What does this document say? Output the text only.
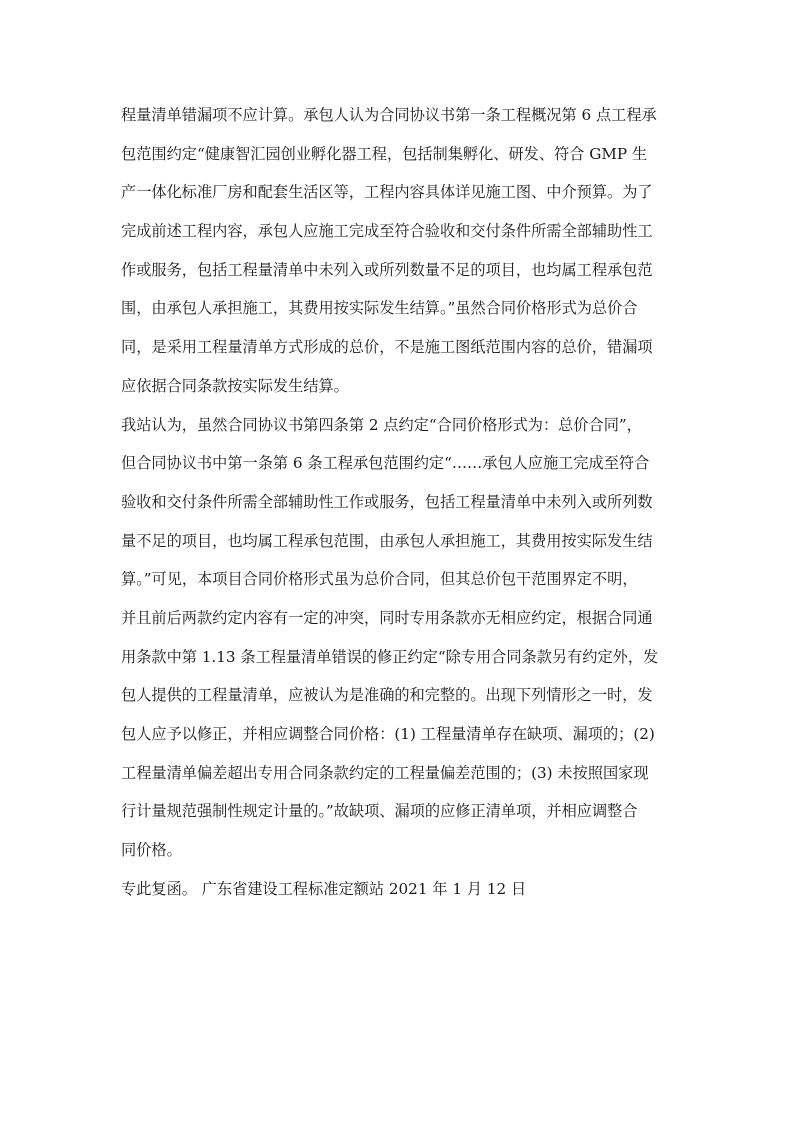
程量清单错漏项不应计算。承包人认为合同协议书第一条工程概况第 6 点工程承
包范围约定“健康智汇园创业孵化器工程，包括制集孵化、研发、符合 GMP 生
产一体化标准厂房和配套生活区等，工程内容具体详见施工图、中介预算。为了
完成前述工程内容，承包人应施工完成至符合验收和交付条件所需全部辅助性工
作或服务，包括工程量清单中未列入或所列数量不足的项目，也均属工程承包范
围，由承包人承担施工，其费用按实际发生结算。”虽然合同价格形式为总价合
同，是采用工程量清单方式形成的总价，不是施工图纸范围内容的总价，错漏项
应依据合同条款按实际发生结算。
我站认为，虽然合同协议书第四条第 2 点约定“合同价格形式为：总价合同”，
但合同协议书中第一条第 6 条工程承包范围约定“……承包人应施工完成至符合
验收和交付条件所需全部辅助性工作或服务，包括工程量清单中未列入或所列数
量不足的项目，也均属工程承包范围，由承包人承担施工，其费用按实际发生结
算。”可见，本项目合同价格形式虽为总价合同，但其总价包干范围界定不明，
并且前后两款约定内容有一定的冲突，同时专用条款亦无相应约定，根据合同通
用条款中第 1.13 条工程量清单错误的修正约定“除专用合同条款另有约定外，发
包人提供的工程量清单，应被认为是准确的和完整的。出现下列情形之一时，发
包人应予以修正，并相应调整合同价格：(1) 工程量清单存在缺项、漏项的；(2)
工程量清单偏差超出专用合同条款约定的工程量偏差范围的；(3) 未按照国家现
行计量规范强制性规定计量的。”故缺项、漏项的应修正清单项，并相应调整合
同价格。
专此复函。 广东省建设工程标准定额站 2021 年 1 月 12 日
